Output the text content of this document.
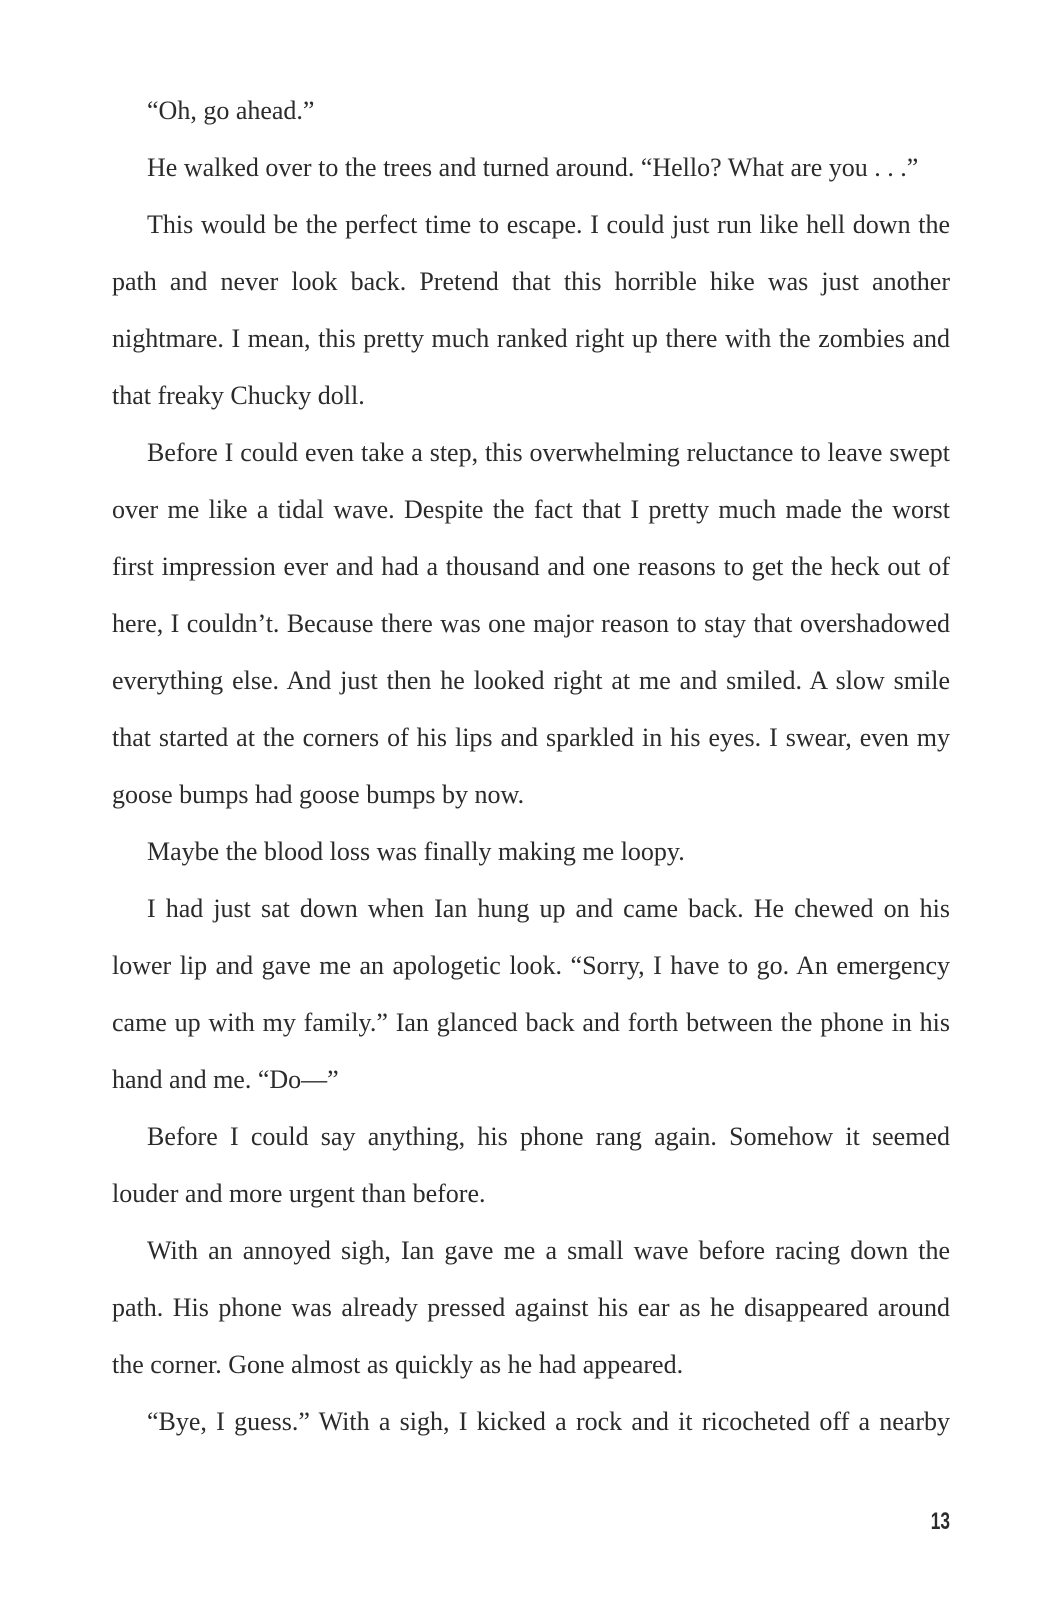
“Oh, go ahead.”

He walked over to the trees and turned around. “Hello? What are you . . .”

This would be the perfect time to escape. I could just run like hell down the path and never look back. Pretend that this horrible hike was just another nightmare. I mean, this pretty much ranked right up there with the zombies and that freaky Chucky doll.

Before I could even take a step, this overwhelming reluctance to leave swept over me like a tidal wave. Despite the fact that I pretty much made the worst first impression ever and had a thousand and one reasons to get the heck out of here, I couldn’t. Because there was one major reason to stay that overshadowed everything else. And just then he looked right at me and smiled. A slow smile that started at the corners of his lips and sparkled in his eyes. I swear, even my goose bumps had goose bumps by now.

Maybe the blood loss was finally making me loopy.

I had just sat down when Ian hung up and came back. He chewed on his lower lip and gave me an apologetic look. “Sorry, I have to go. An emergency came up with my family.” Ian glanced back and forth between the phone in his hand and me. “Do—”

Before I could say anything, his phone rang again. Somehow it seemed louder and more urgent than before.

With an annoyed sigh, Ian gave me a small wave before racing down the path. His phone was already pressed against his ear as he disappeared around the corner. Gone almost as quickly as he had appeared.

“Bye, I guess.” With a sigh, I kicked a rock and it ricocheted off a nearby

13
